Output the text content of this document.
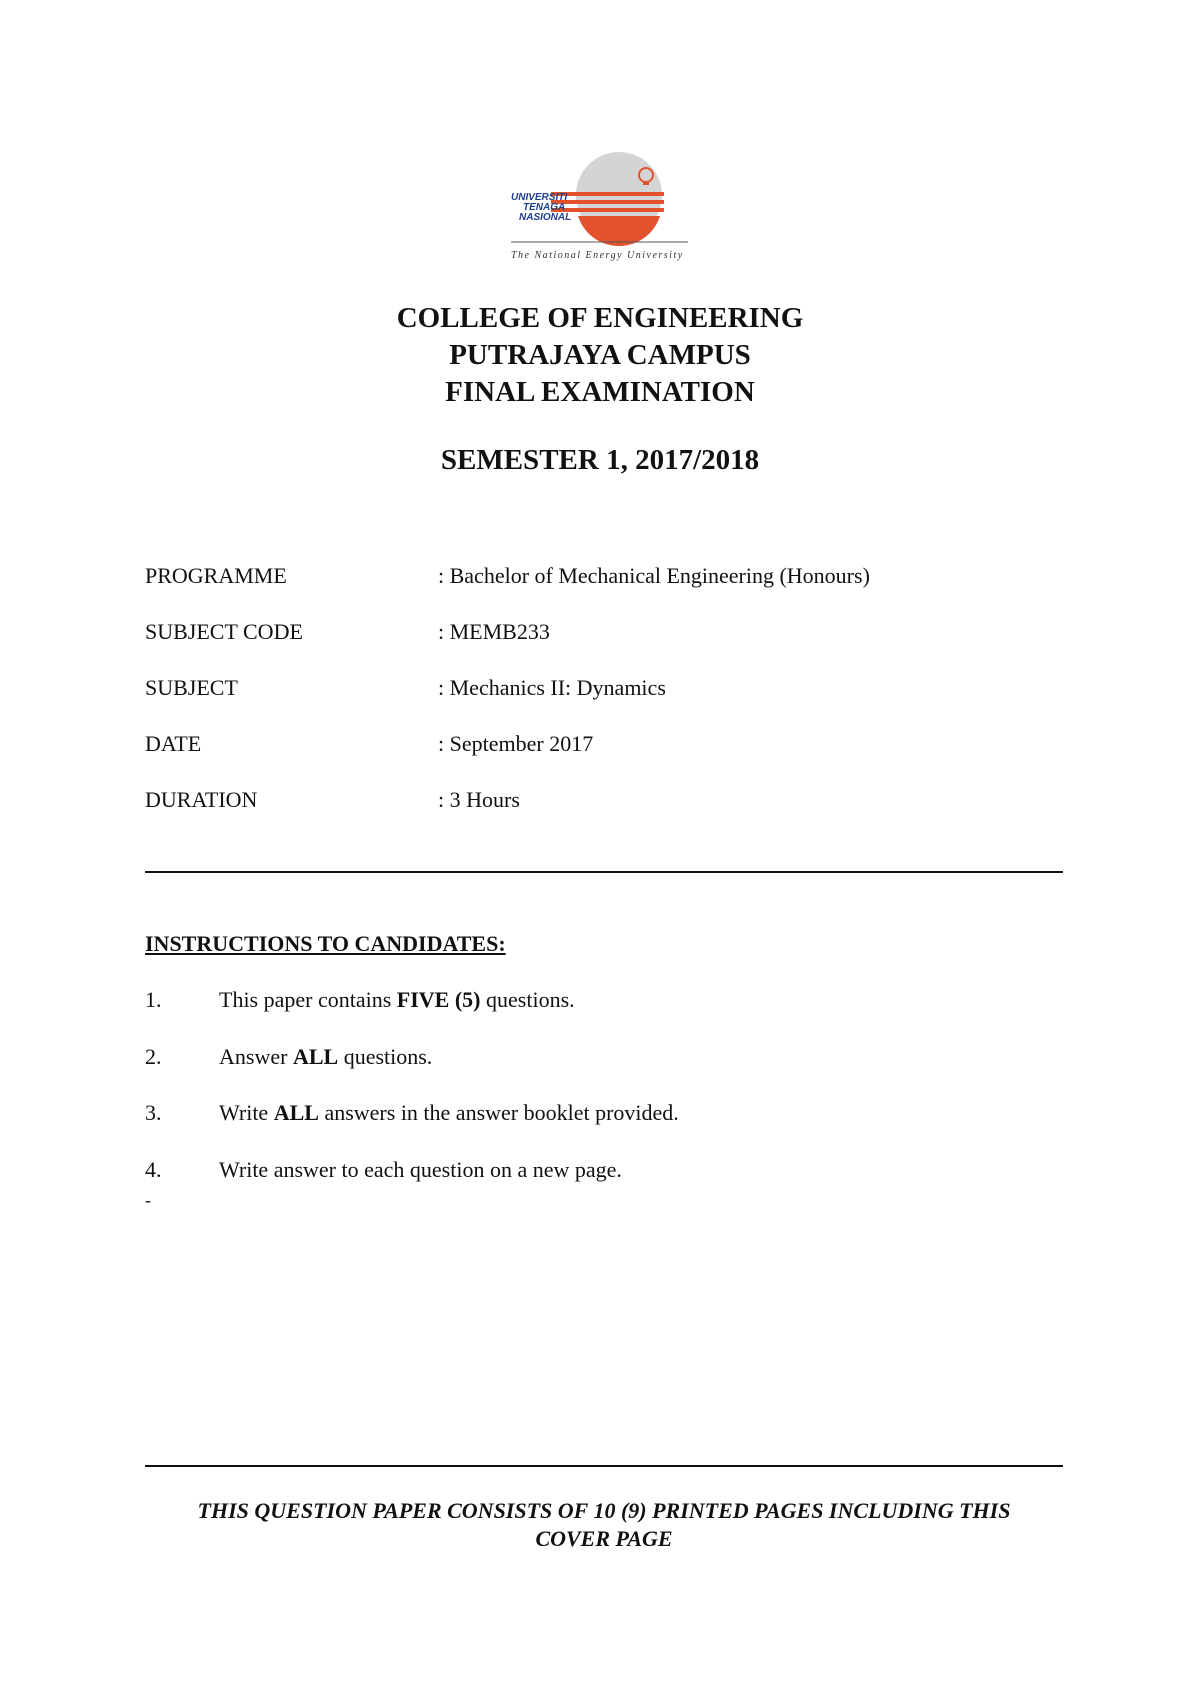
UNIVERSITI
TENAGA
NASIONAL
The National Energy University
COLLEGE OF ENGINEERING
PUTRAJAYA CAMPUS
FINAL EXAMINATION
SEMESTER 1, 2017/2018
PROGRAMME	: Bachelor of Mechanical Engineering (Honours)
SUBJECT CODE	: MEMB233
SUBJECT	: Mechanics II: Dynamics
DATE	: September 2017
DURATION	: 3 Hours
INSTRUCTIONS TO CANDIDATES:
1.	This paper contains FIVE (5) questions.
2.	Answer ALL questions.
3.	Write ALL answers in the answer booklet provided.
4.	Write answer to each question on a new page.
-
THIS QUESTION PAPER CONSISTS OF 10 (9) PRINTED PAGES INCLUDING THIS
COVER PAGE
